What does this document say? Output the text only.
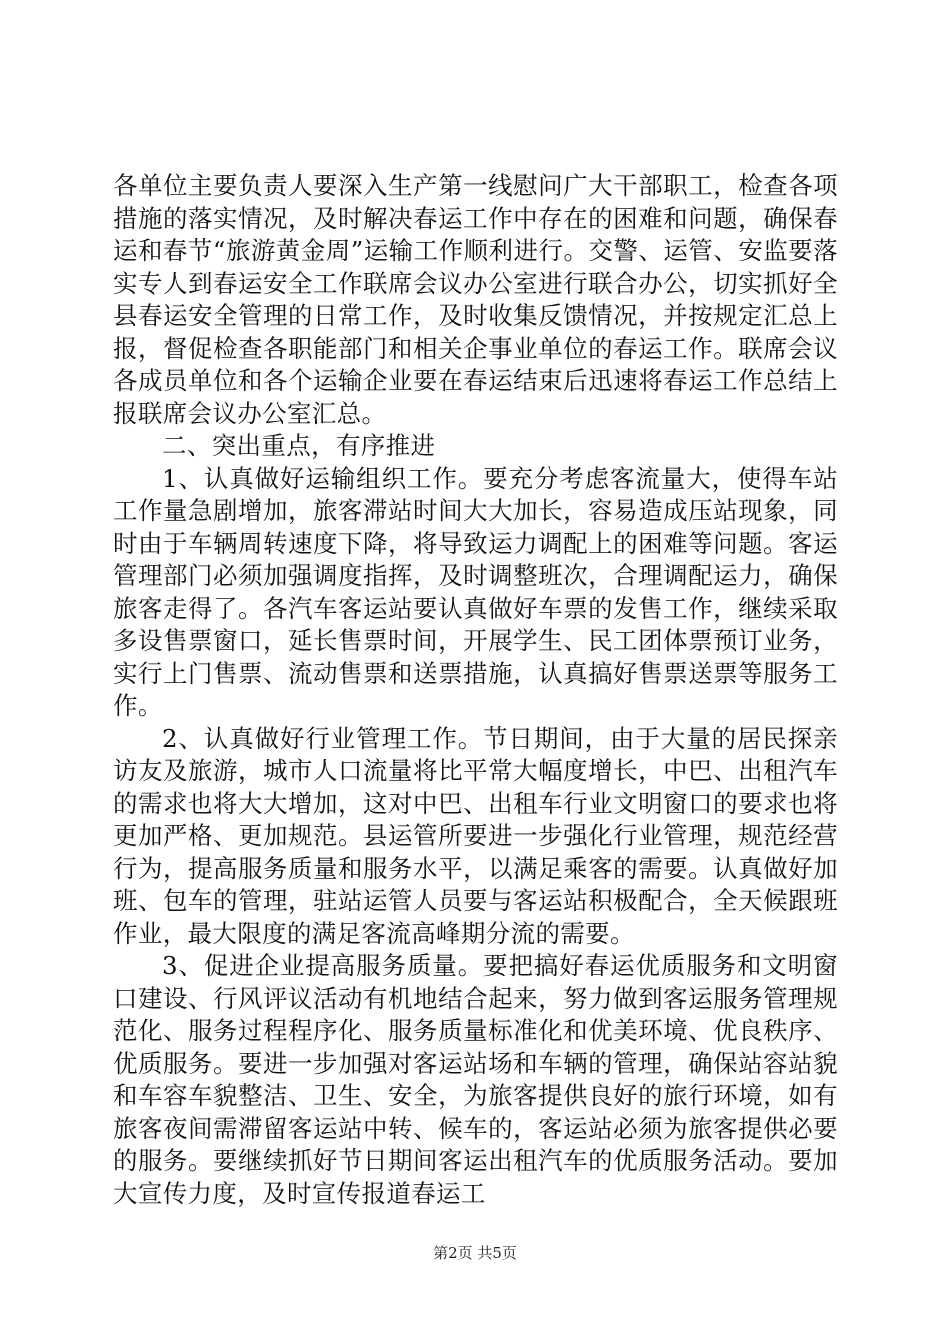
各单位主要负责人要深入生产第一线慰问广大干部职工，检查各项措施的落实情况，及时解决春运工作中存在的困难和问题，确保春运和春节“旅游黄金周”运输工作顺利进行。交警、运管、安监要落实专人到春运安全工作联席会议办公室进行联合办公，切实抓好全县春运安全管理的日常工作，及时收集反馈情况，并按规定汇总上报，督促检查各职能部门和相关企事业单位的春运工作。联席会议各成员单位和各个运输企业要在春运结束后迅速将春运工作总结上报联席会议办公室汇总。

二、突出重点，有序推进

1、认真做好运输组织工作。要充分考虑客流量大，使得车站工作量急剧增加，旅客滞站时间大大加长，容易造成压站现象，同时由于车辆周转速度下降，将导致运力调配上的困难等问题。客运管理部门必须加强调度指挥，及时调整班次，合理调配运力，确保旅客走得了。各汽车客运站要认真做好车票的发售工作，继续采取多设售票窗口，延长售票时间，开展学生、民工团体票预订业务，实行上门售票、流动售票和送票措施，认真搞好售票送票等服务工作。

2、认真做好行业管理工作。节日期间，由于大量的居民探亲访友及旅游，城市人口流量将比平常大幅度增长，中巴、出租汽车的需求也将大大增加，这对中巴、出租车行业文明窗口的要求也将更加严格、更加规范。县运管所要进一步强化行业管理，规范经营行为，提高服务质量和服务水平，以满足乘客的需要。认真做好加班、包车的管理，驻站运管人员要与客运站积极配合，全天候跟班作业，最大限度的满足客流高峰期分流的需要。

3、促进企业提高服务质量。要把搞好春运优质服务和文明窗口建设、行风评议活动有机地结合起来，努力做到客运服务管理规范化、服务过程程序化、服务质量标准化和优美环境、优良秩序、优质服务。要进一步加强对客运站场和车辆的管理，确保站容站貌和车容车貌整洁、卫生、安全，为旅客提供良好的旅行环境，如有旅客夜间需滞留客运站中转、候车的，客运站必须为旅客提供必要的服务。要继续抓好节日期间客运出租汽车的优质服务活动。要加大宣传力度，及时宣传报道春运工

第2页 共5页
